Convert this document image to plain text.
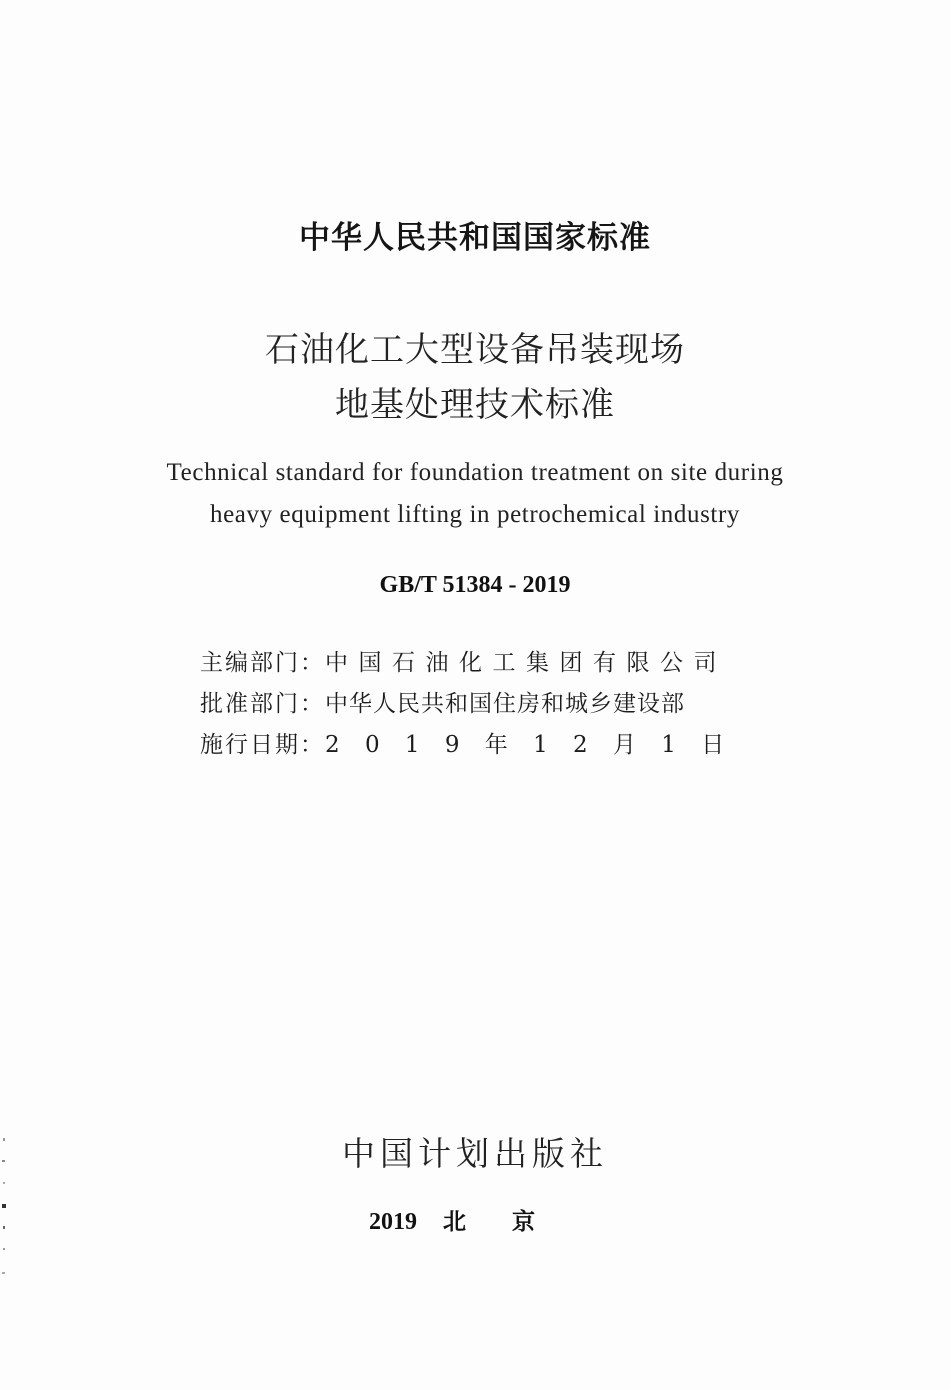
中华人民共和国国家标准
石油化工大型设备吊装现场
地基处理技术标准
Technical standard for foundation treatment on site during
heavy equipment lifting in petrochemical industry
GB/T 51384 - 2019
主编部门：中国石油化工集团有限公司
批准部门：中华人民共和国住房和城乡建设部
施行日期：2 0 1 9 年 1 2 月 1 日
中国计划出版社
2019 北京
